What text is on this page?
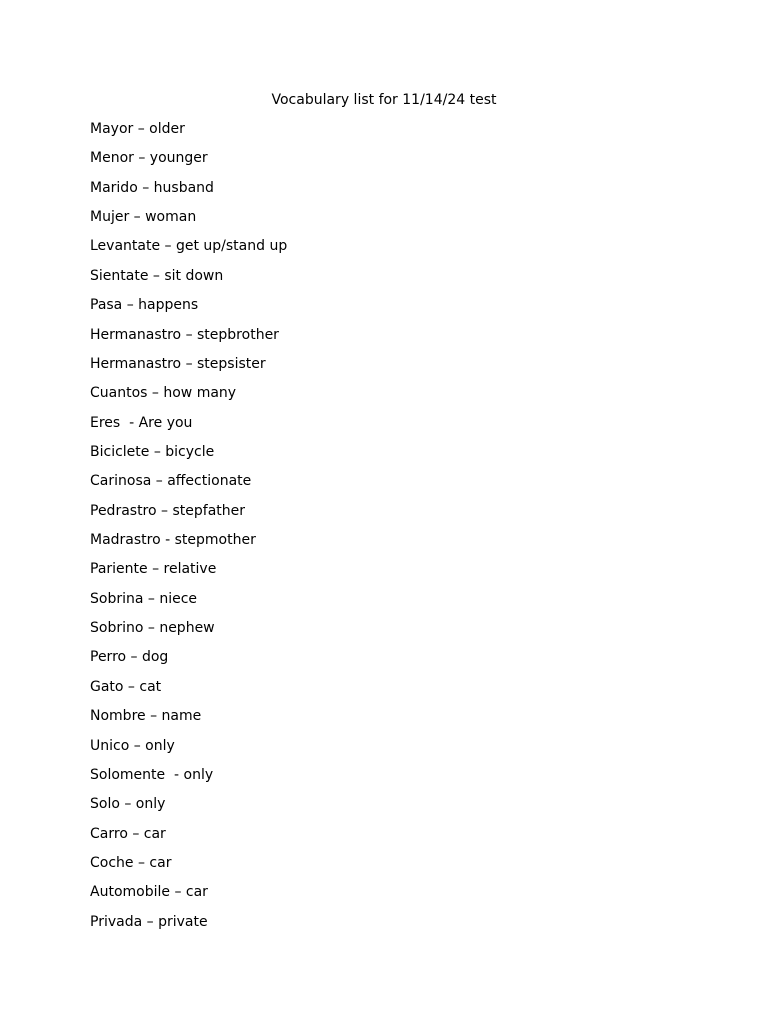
Vocabulary list for 11/14/24 test
Mayor – older
Menor – younger
Marido – husband
Mujer – woman
Levantate – get up/stand up
Sientate – sit down
Pasa – happens
Hermanastro – stepbrother
Hermanastro – stepsister
Cuantos – how many
Eres  - Are you
Biciclete – bicycle
Carinosa – affectionate
Pedrastro – stepfather
Madrastro - stepmother
Pariente – relative
Sobrina – niece
Sobrino – nephew
Perro – dog
Gato – cat
Nombre – name
Unico – only
Solomente  - only
Solo – only
Carro – car
Coche – car
Automobile – car
Privada – private
